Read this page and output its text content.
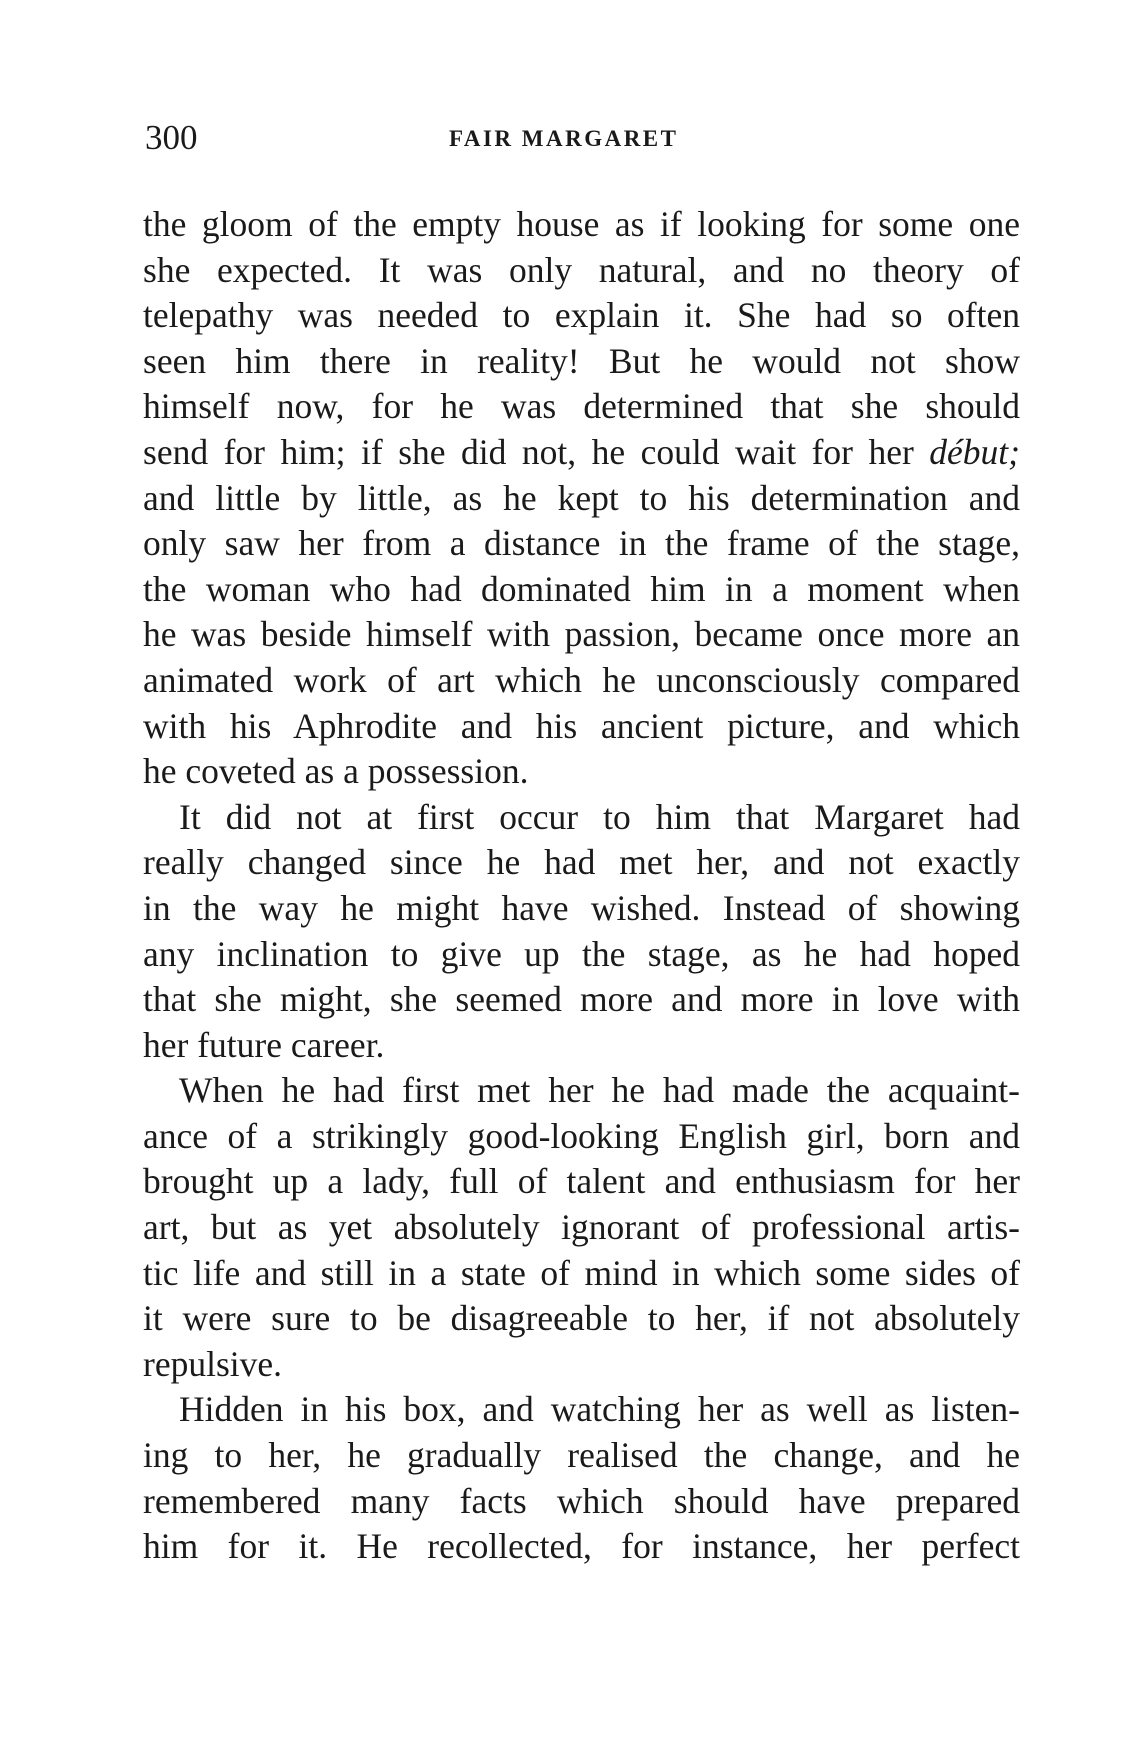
300	FAIR MARGARET
the gloom of the empty house as if looking for some one
she expected. It was only natural, and no theory of
telepathy was needed to explain it. She had so often
seen him there in reality! But he would not show
himself now, for he was determined that she should
send for him; if she did not, he could wait for her début;
and little by little, as he kept to his determination and
only saw her from a distance in the frame of the stage,
the woman who had dominated him in a moment when
he was beside himself with passion, became once more an
animated work of art which he unconsciously compared
with his Aphrodite and his ancient picture, and which
he coveted as a possession.
It did not at first occur to him that Margaret had
really changed since he had met her, and not exactly
in the way he might have wished. Instead of showing
any inclination to give up the stage, as he had hoped
that she might, she seemed more and more in love with
her future career.
When he had first met her he had made the acquaint-
ance of a strikingly good-looking English girl, born and
brought up a lady, full of talent and enthusiasm for her
art, but as yet absolutely ignorant of professional artis-
tic life and still in a state of mind in which some sides of
it were sure to be disagreeable to her, if not absolutely
repulsive.
Hidden in his box, and watching her as well as listen-
ing to her, he gradually realised the change, and he
remembered many facts which should have prepared
him for it. He recollected, for instance, her perfect
